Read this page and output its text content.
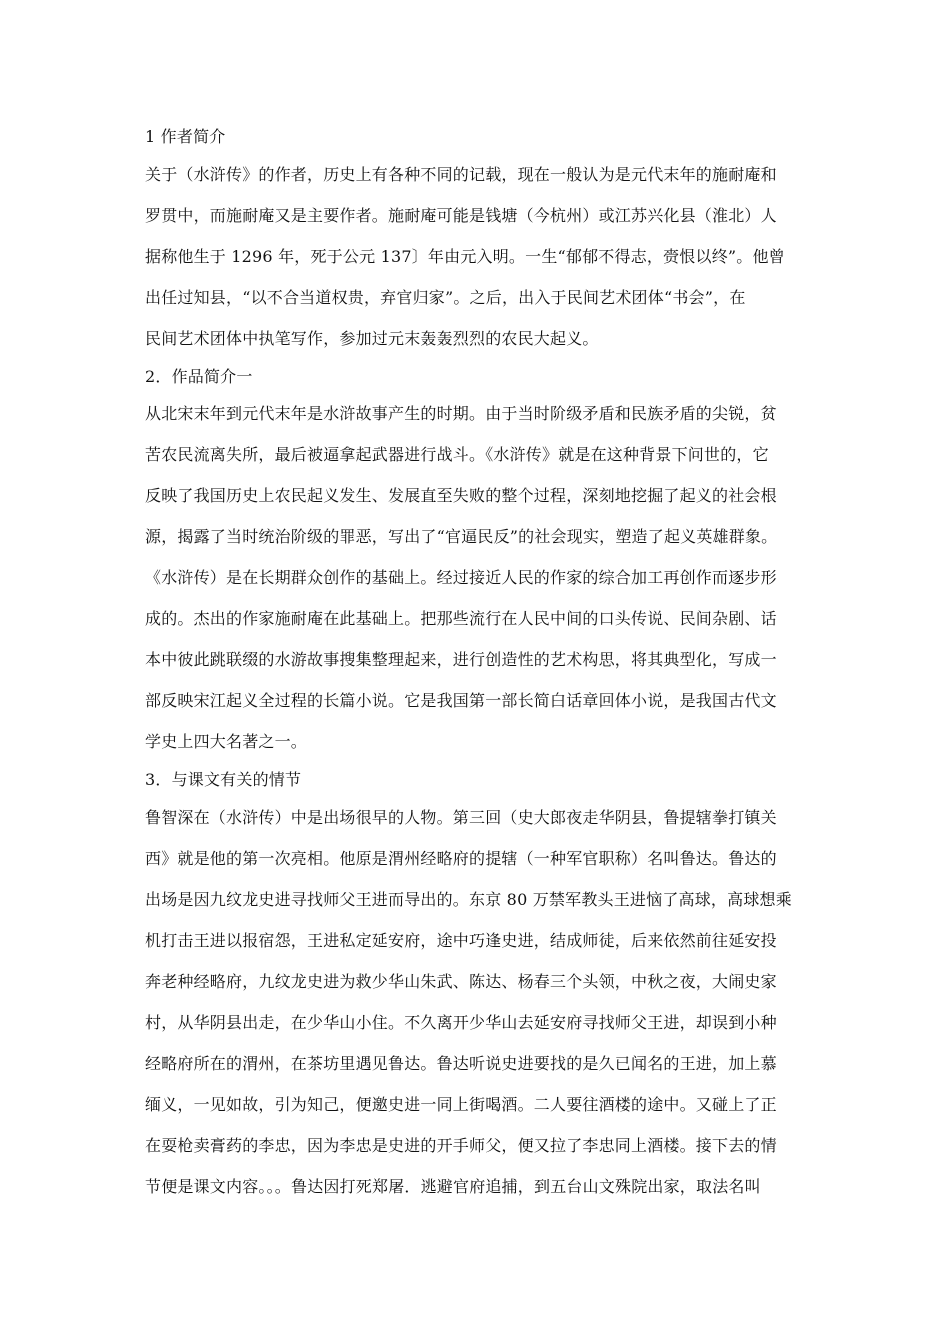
1 作者简介
关于（水浒传》的作者，历史上有各种不同的记载，现在一般认为是元代末年的施耐庵和
罗贯中，而施耐庵又是主要作者。施耐庵可能是钱塘（今杭州）或江苏兴化县（淮北）人
据称他生于 1296 年，死于公元 137〕年由元入明。一生“郁郁不得志，赍恨以终”。他曾
出任过知县，“以不合当道权贵，弃官归家”。之后，出入于民间艺术团体“书会”，在
民间艺术团体中执笔写作，参加过元末轰轰烈烈的农民大起义。
2．作品简介一
从北宋末年到元代末年是水浒故事产生的时期。由于当时阶级矛盾和民族矛盾的尖锐，贫
苦农民流离失所，最后被逼拿起武器进行战斗。《水浒传》就是在这种背景下问世的，它
反映了我国历史上农民起义发生、发展直至失败的整个过程，深刻地挖掘了起义的社会根
源，揭露了当时统治阶级的罪恶，写出了“官逼民反”的社会现实，塑造了起义英雄群象。
《水浒传）是在长期群众创作的基础上。经过接近人民的作家的综合加工再创作而逐步形
成的。杰出的作家施耐庵在此基础上。把那些流行在人民中间的口头传说、民间杂剧、话
本中彼此跳联缀的水游故事搜集整理起来，进行创造性的艺术构思，将其典型化，写成一
部反映宋江起义全过程的长篇小说。它是我国第一部长简白话章回体小说，是我国古代文
学史上四大名著之一。
3．与课文有关的情节
鲁智深在（水浒传）中是出场很早的人物。第三回（史大郎夜走华阴县，鲁提辖拳打镇关
西》就是他的第一次亮相。他原是渭州经略府的提辖（一种军官职称）名叫鲁达。鲁达的
出场是因九纹龙史进寻找师父王进而导出的。东京 80 万禁军教头王进恼了高球，高球想乘
机打击王进以报宿怨，王进私定延安府，途中巧逢史进，结成师徒，后来依然前往延安投
奔老种经略府，九纹龙史进为救少华山朱武、陈达、杨春三个头领，中秋之夜，大闹史家
村，从华阴县出走，在少华山小住。不久离开少华山去延安府寻找师父王进，却误到小种
经略府所在的渭州，在茶坊里遇见鲁达。鲁达听说史进要找的是久已闻名的王进，加上慕
缅义，一见如故，引为知己，便邀史进一同上街喝酒。二人要往酒楼的途中。又碰上了正
在耍枪卖膏药的李忠，因为李忠是史进的开手师父，便又拉了李忠同上酒楼。接下去的情
节便是课文内容。。。鲁达因打死郑屠．逃避官府追捕，到五台山文殊院出家，取法名叫
